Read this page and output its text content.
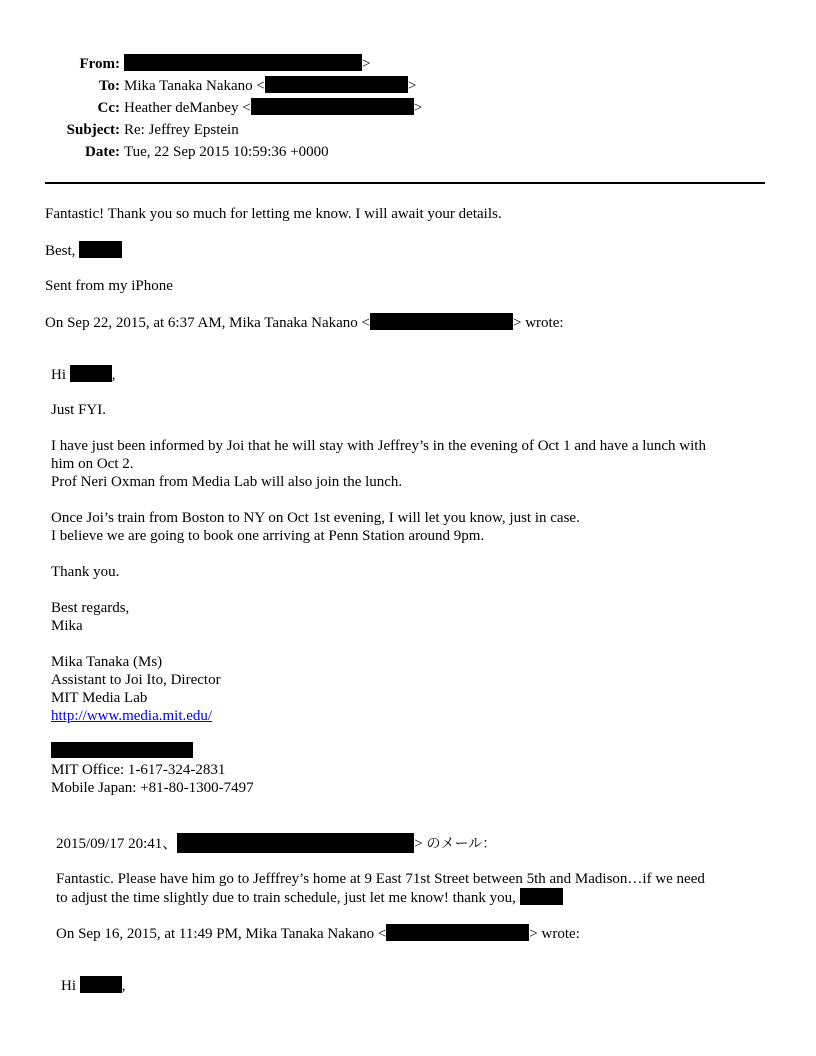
From:	>
To: Mika Tanaka Nakano <	>
Cc: Heather deManbey <	>
Subject: Re: Jeffrey Epstein
Date: Tue, 22 Sep 2015 10:59:36 +0000
Fantastic! Thank you so much for letting me know. I will await your details.
Best,
Sent from my iPhone
On Sep 22, 2015, at 6:37 AM, Mika Tanaka Nakano <	> wrote:
Hi	,
Just FYI.
I have just been informed by Joi that he will stay with Jeffrey’s in the evening of Oct 1 and have a lunch with
him on Oct 2.
Prof Neri Oxman from Media Lab will also join the lunch.
Once Joi’s train from Boston to NY on Oct 1st evening, I will let you know, just in case.
I believe we are going to book one arriving at Penn Station around 9pm.
Thank you.
Best regards,
Mika
Mika Tanaka (Ms)
Assistant to Joi Ito, Director
MIT Media Lab
http://www.media.mit.edu/
MIT Office: 1-617-324-2831
Mobile Japan: +81-80-1300-7497
2015/09/17 20:41、	> のメール：
Fantastic. Please have him go to Jefffrey’s home at 9 East 71st Street between 5th and Madison…if we need
to adjust the time slightly due to train schedule, just let me know! thank you,
On Sep 16, 2015, at 11:49 PM, Mika Tanaka Nakano <	> wrote:
Hi	,
